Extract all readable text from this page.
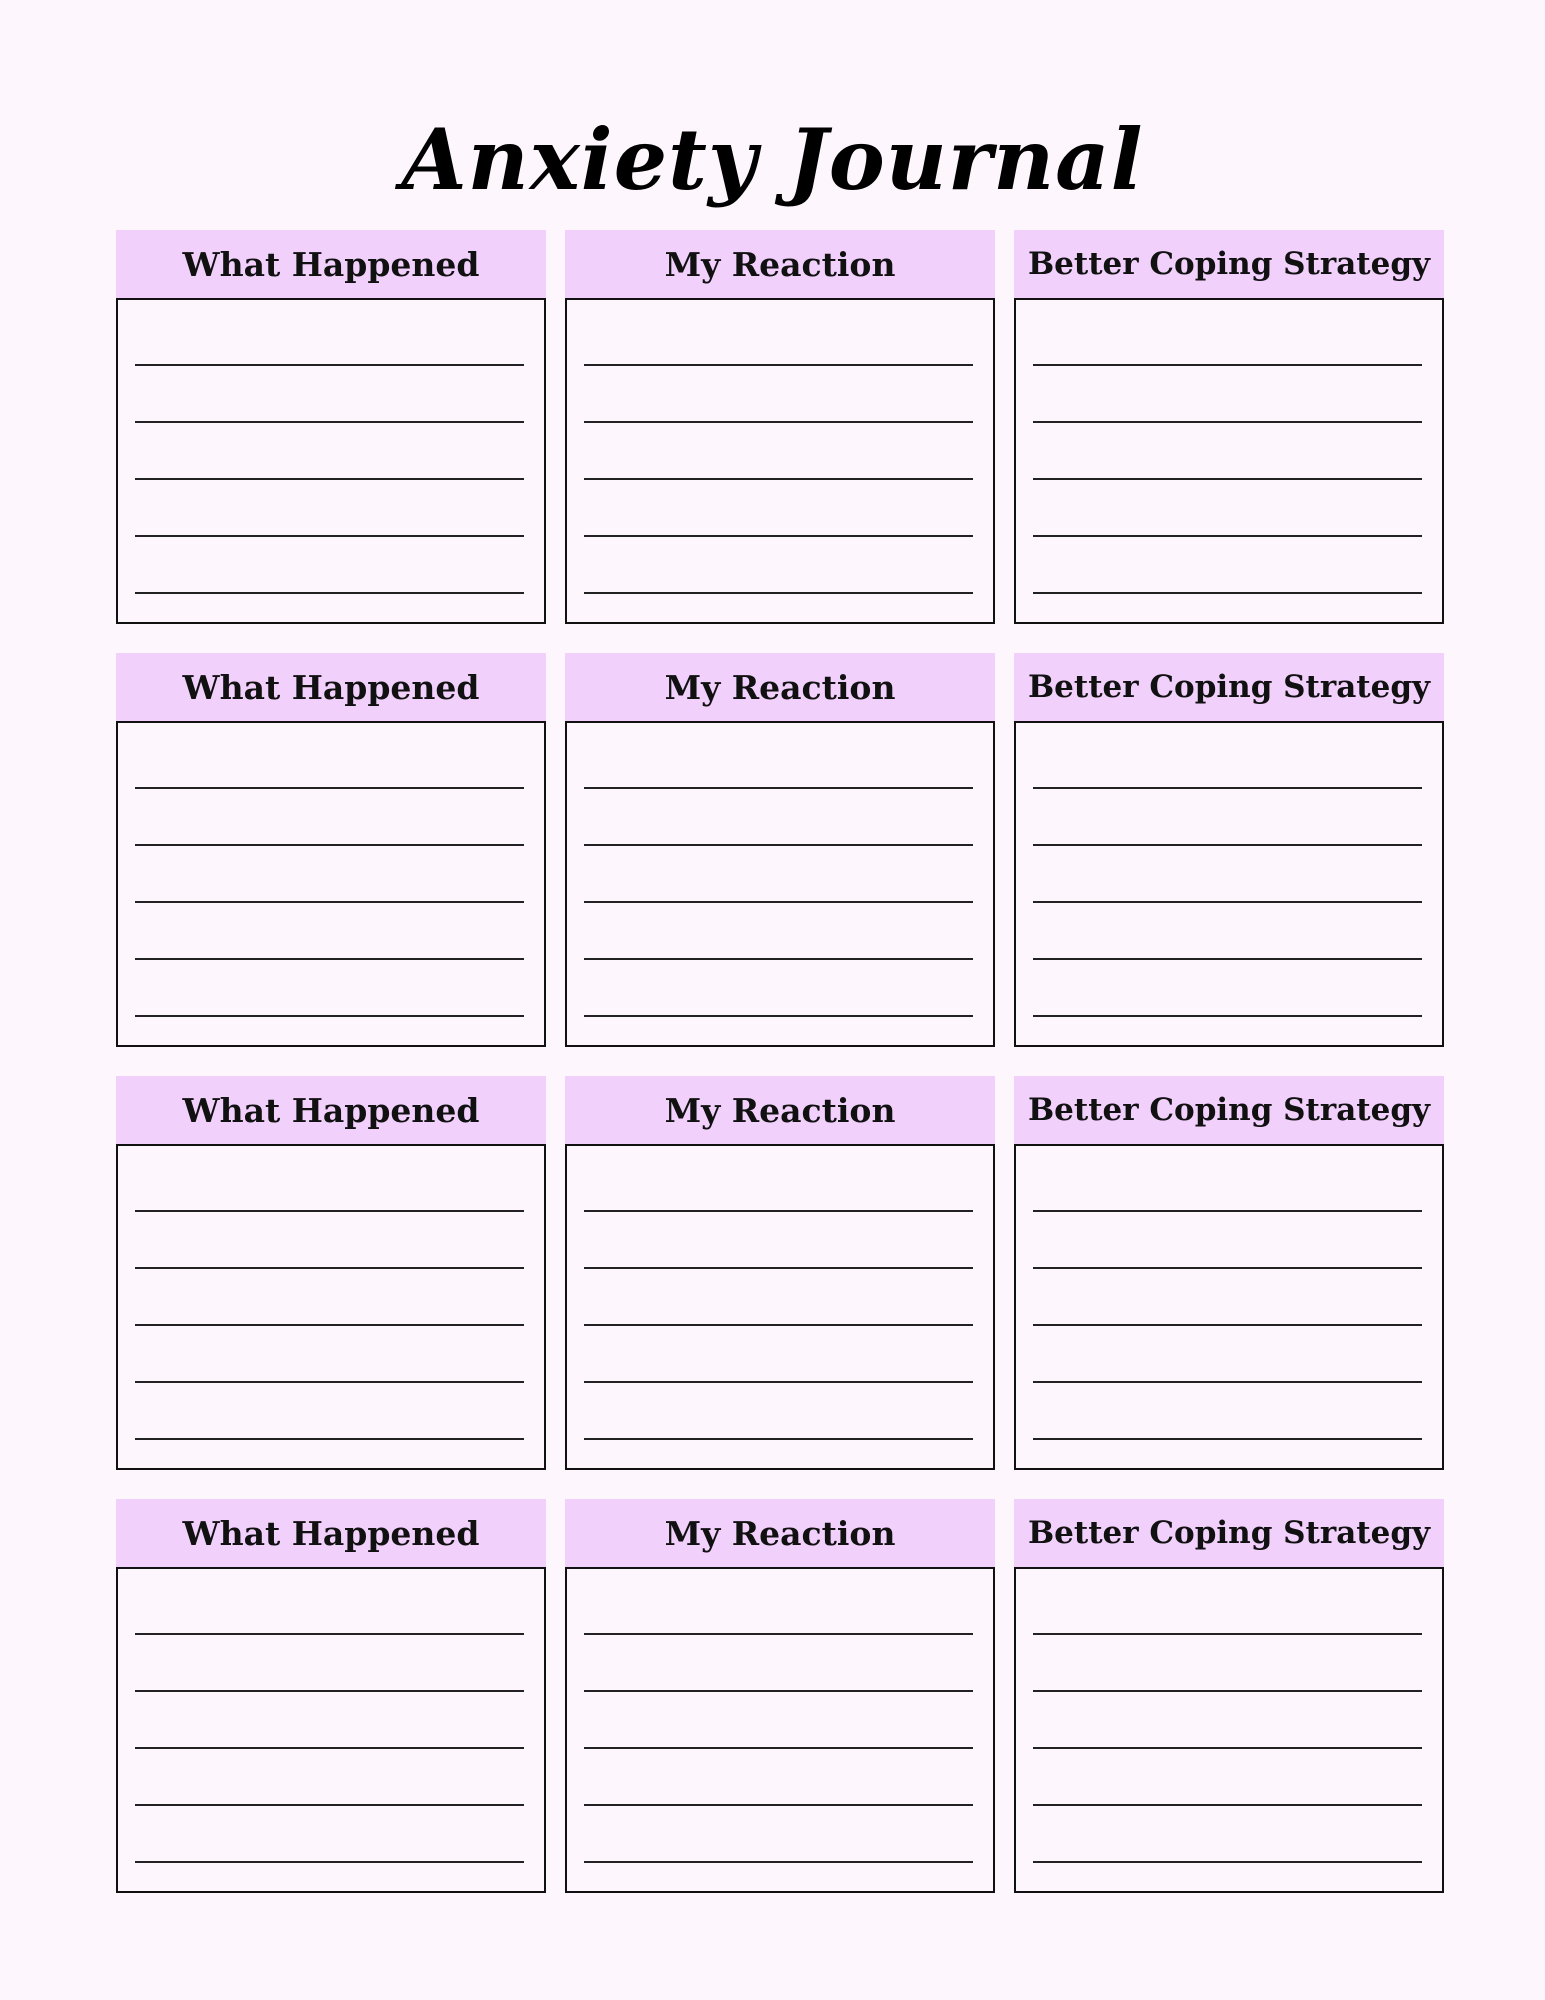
Anxiety Journal
What Happened	My Reaction	Better Coping Strategy
What Happened	My Reaction	Better Coping Strategy
What Happened	My Reaction	Better Coping Strategy
What Happened	My Reaction	Better Coping Strategy
